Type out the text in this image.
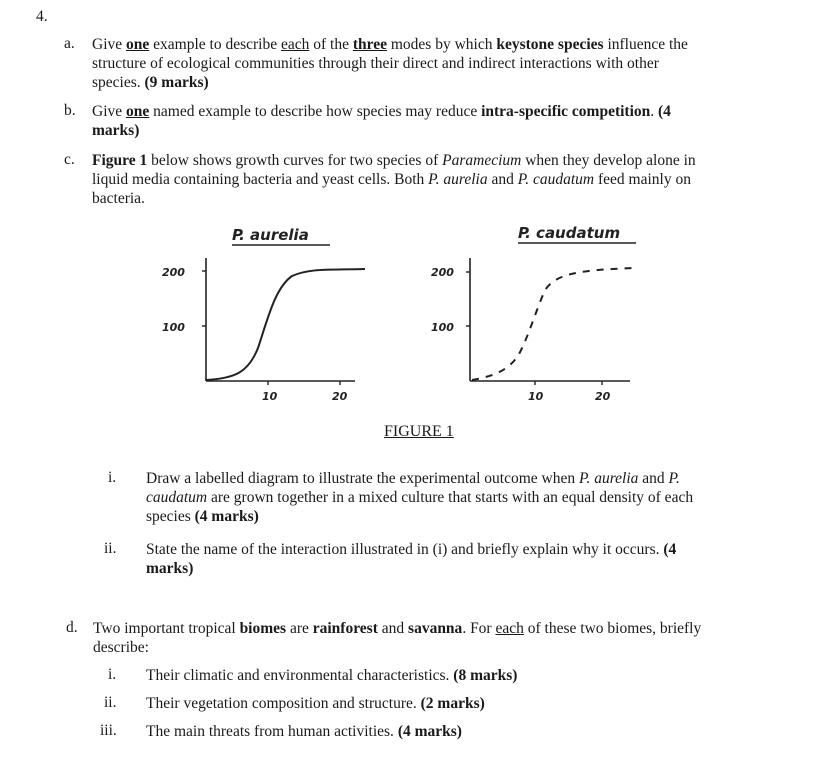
4.
a. Give one example to describe each of the three modes by which keystone species influence the
structure of ecological communities through their direct and indirect interactions with other
species. (9 marks)
b. Give one named example to describe how species may reduce intra-specific competition. (4
marks)
c. Figure 1 below shows growth curves for two species of Paramecium when they develop alone in
liquid media containing bacteria and yeast cells. Both P. aurelia and P. caudatum feed mainly on
bacteria.
P. aurelia
200
100
10	20
P. caudatum
200
100
10	20
FIGURE 1
i. Draw a labelled diagram to illustrate the experimental outcome when P. aurelia and P.
caudatum are grown together in a mixed culture that starts with an equal density of each
species (4 marks)
ii. State the name of the interaction illustrated in (i) and briefly explain why it occurs. (4
marks)
d. Two important tropical biomes are rainforest and savanna. For each of these two biomes, briefly
describe:
i. Their climatic and environmental characteristics. (8 marks)
ii. Their vegetation composition and structure. (2 marks)
iii. The main threats from human activities. (4 marks)
